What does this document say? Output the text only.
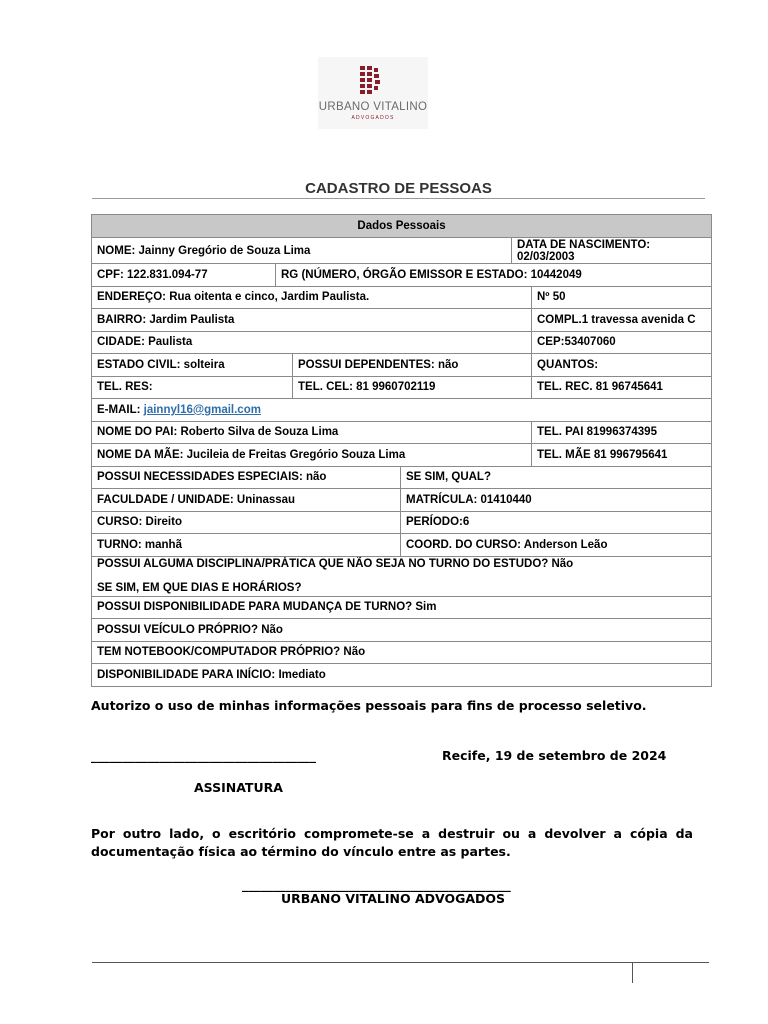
URBANO VITALINO
ADVOGADOS
CADASTRO DE PESSOAS
Dados Pessoais					
NOME: Jainny Gregório de Souza Lima				DATA DE NASCIMENTO: 02/03/2003	
CPF: 122.831.094-77	RG (NÚMERO, ÓRGÃO EMISSOR E ESTADO: 10442049				
ENDEREÇO: Rua oitenta e cinco, Jardim Paulista.					Nº 50
BAIRRO: Jardim Paulista					COMPL.1 travessa avenida C
CIDADE: Paulista					CEP:53407060
ESTADO CIVIL: solteira		POSSUI DEPENDENTES: não			QUANTOS:
TEL. RES:		TEL. CEL: 81 9960702119			TEL. REC. 81 96745641
E-MAIL: jainnyl16@gmail.com					
NOME DO PAI: Roberto Silva de Souza Lima					TEL. PAI 81996374395
NOME DA MÃE: Jucileia de Freitas Gregório Souza Lima					TEL. MÃE 81 996795641
POSSUI NECESSIDADES ESPECIAIS: não			SE SIM, QUAL?		
FACULDADE / UNIDADE: Uninassau			MATRÍCULA: 01410440		
CURSO: Direito			PERÍODO:6		
TURNO: manhã			COORD. DO CURSO: Anderson Leão		
POSSUI ALGUMA DISCIPLINA/PRÁTICA QUE NÃO SEJA NO TURNO DO ESTUDO? Não
SE SIM, EM QUE DIAS E HORÁRIOS?					

POSSUI DISPONIBILIDADE PARA MUDANÇA DE TURNO? Sim					
POSSUI VEÍCULO PRÓPRIO? Não					
TEM NOTEBOOK/COMPUTADOR PRÓPRIO? Não					
DISPONIBILIDADE PARA INÍCIO: Imediato					
Autorizo o uso de minhas informações pessoais para fins de processo seletivo.
____________________________________	Recife, 19 de setembro de 2024
ASSINATURA
Por outro lado, o escritório compromete-se a destruir ou a devolver a cópia da documentação física ao término do vínculo entre as partes.
___________________________________________
URBANO VITALINO ADVOGADOS
